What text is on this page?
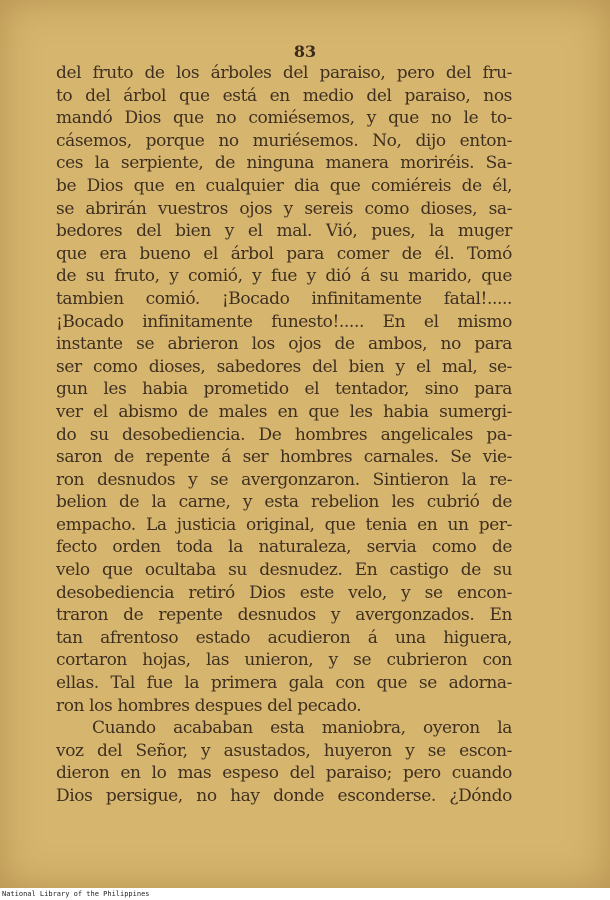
83

del fruto de los árboles del paraiso, pero del fru-
to del árbol que está en medio del paraiso, nos
mandó Dios que no comiésemos, y que no le to-
cásemos, porque no muriésemos. No, dijo enton-
ces la serpiente, de ninguna manera moriréis. Sa-
be Dios que en cualquier dia que comiéreis de él,
se abrirán vuestros ojos y sereis como dioses, sa-
bedores del bien y el mal. Vió, pues, la muger
que era bueno el árbol para comer de él. Tomó
de su fruto, y comió, y fue y dió á su marido, que
tambien comió. ¡Bocado infinitamente fatal!.....
¡Bocado infinitamente funesto!..... En el mismo
instante se abrieron los ojos de ambos, no para
ser como dioses, sabedores del bien y el mal, se-
gun les habia prometido el tentador, sino para
ver el abismo de males en que les habia sumergi-
do su desobediencia. De hombres angelicales pa-
saron de repente á ser hombres carnales. Se vie-
ron desnudos y se avergonzaron. Sintieron la re-
belion de la carne, y esta rebelion les cubrió de
empacho. La justicia original, que tenia en un per-
fecto orden toda la naturaleza, servia como de
velo que ocultaba su desnudez. En castigo de su
desobediencia retiró Dios este velo, y se encon-
traron de repente desnudos y avergonzados. En
tan afrentoso estado acudieron á una higuera,
cortaron hojas, las unieron, y se cubrieron con
ellas. Tal fue la primera gala con que se adorna-
ron los hombres despues del pecado.
Cuando acababan esta maniobra, oyeron la
voz del Señor, y asustados, huyeron y se escon-
dieron en lo mas espeso del paraiso; pero cuando
Dios persigue, no hay donde esconderse. ¿Dóndo

National Library of the Philippines
